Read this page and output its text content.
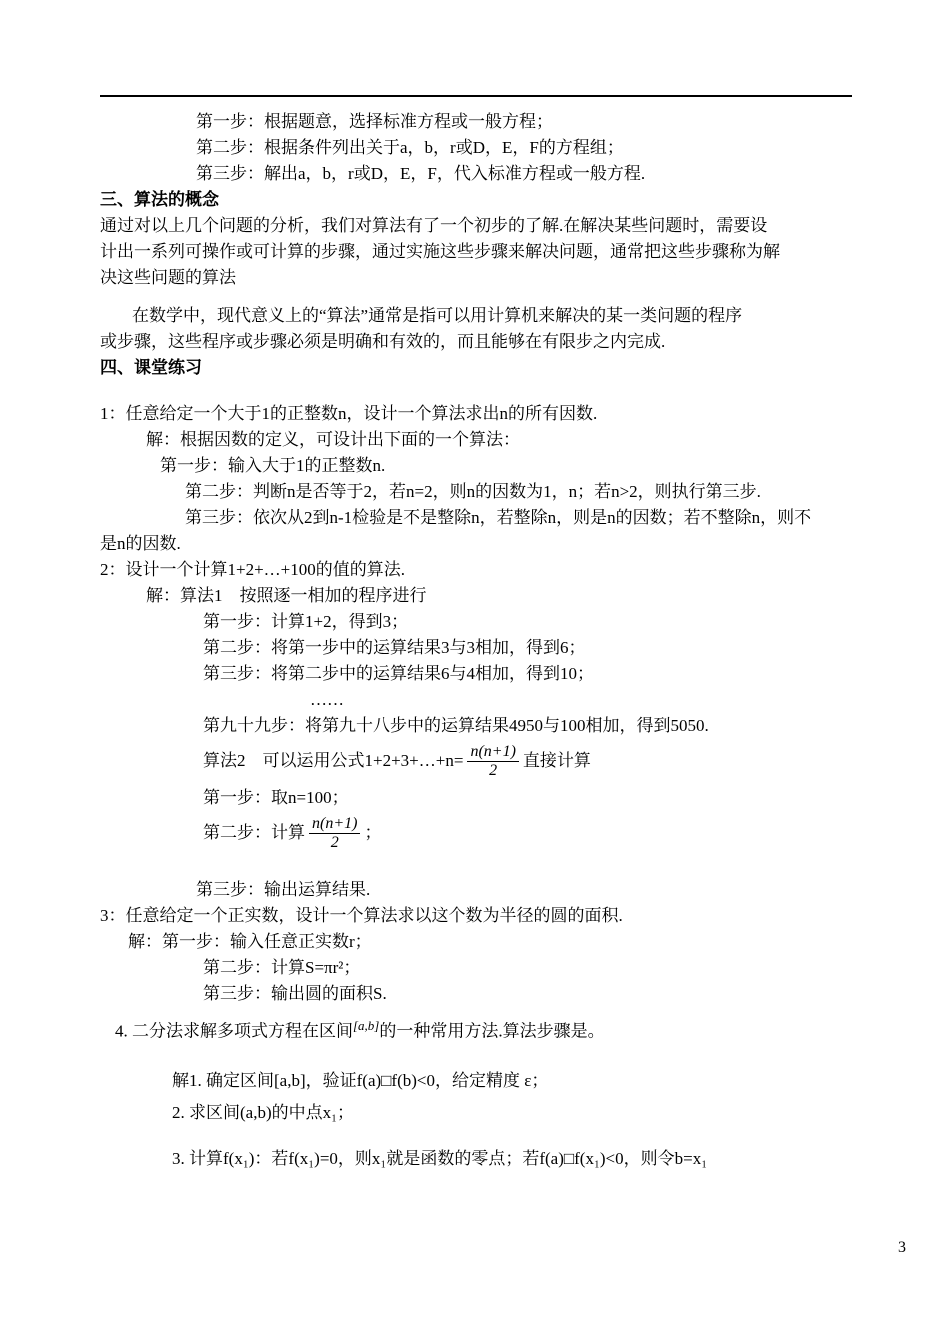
第一步：根据题意，选择标准方程或一般方程；
第二步：根据条件列出关于a，b，r或D，E，F的方程组；
第三步：解出a，b，r或D，E，F，代入标准方程或一般方程.
三、算法的概念
通过对以上几个问题的分析，我们对算法有了一个初步的了解.在解决某些问题时，需要设
计出一系列可操作或可计算的步骤，通过实施这些步骤来解决问题，通常把这些步骤称为解
决这些问题的算法
在数学中，现代意义上的“算法”通常是指可以用计算机来解决的某一类问题的程序
或步骤，这些程序或步骤必须是明确和有效的，而且能够在有限步之内完成.
四、课堂练习
1：任意给定一个大于1的正整数n，设计一个算法求出n的所有因数.
解：根据因数的定义，可设计出下面的一个算法：
第一步：输入大于1的正整数n.
第二步：判断n是否等于2，若n=2，则n的因数为1，n；若n>2，则执行第三步.
第三步：依次从2到n-1检验是不是整除n，若整除n，则是n的因数；若不整除n，则不
是n的因数.
2：设计一个计算1+2+…+100的值的算法.
解：算法1　按照逐一相加的程序进行
第一步：计算1+2，得到3；
第二步：将第一步中的运算结果3与3相加，得到6；
第三步：将第二步中的运算结果6与4相加，得到10；
……
第九十九步：将第九十八步中的运算结果4950与100相加，得到5050.
算法2　可以运用公式1+2+3+…+n= $\frac{n(n+1)}{2}$ 直接计算
第一步：取n=100；
第二步：计算 $\frac{n(n+1)}{2}$ ；
第三步：输出运算结果.
3：任意给定一个正实数，设计一个算法求以这个数为半径的圆的面积.
解：第一步：输入任意正实数r；
第二步：计算S=πr²；
第三步：输出圆的面积S.
4. 二分法求解多项式方程在区间[a,b]的一种常用方法.算法步骤是。
解1. 确定区间[a,b]，验证f(a)□f(b)<0，给定精度 ε；
2. 求区间(a,b)的中点x₁；
3. 计算f(x₁)：若f(x₁)=0，则x₁就是函数的零点；若f(a)□f(x₁)<0，则令b=x₁
3
